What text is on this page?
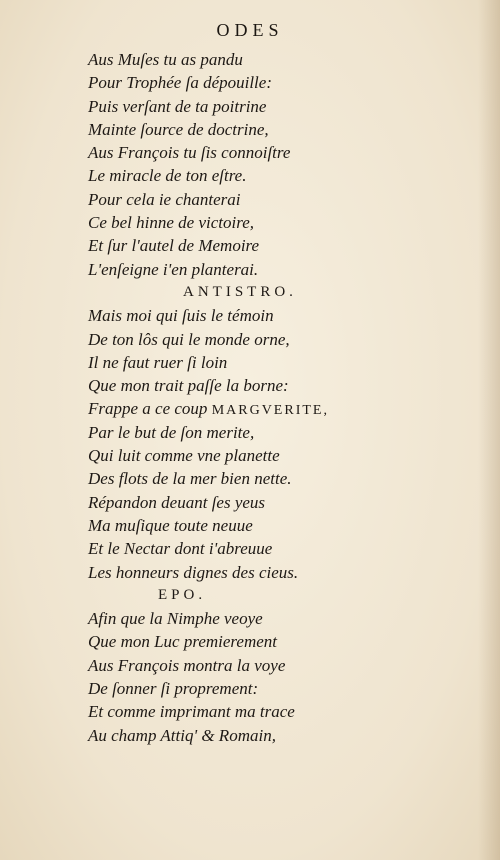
ODES
Aus Muſes tu as pandu
Pour Trophée ſa dépouille:
Puis verſant de ta poitrine
Mainte ſource de doctrine,
Aus François tu ſis connoiſtre
Le miracle de ton eſtre.
Pour cela ie chanterai
Ce bel hinne de victoire,
Et ſur l'autel de Memoire
L'enſeigne i'en planterai.
ANTISTRO.
Mais moi qui ſuis le témoin
De ton lôs qui le monde orne,
Il ne faut ruer ſi loin
Que mon trait paſſe la borne:
Frappe a ce coup MARGVERITE,
Par le but de ſon merite,
Qui luit comme vne planette
Des flots de la mer bien nette.
Répandon deuant ſes yeus
Ma muſique toute neuue
Et le Nectar dont i'abreuue
Les honneurs dignes des cieus.
EPO.
Afin que la Nimphe veoye
Que mon Luc premierement
Aus François montra la voye
De ſonner ſi proprement:
Et comme imprimant ma trace
Au champ Attiq' & Romain,
